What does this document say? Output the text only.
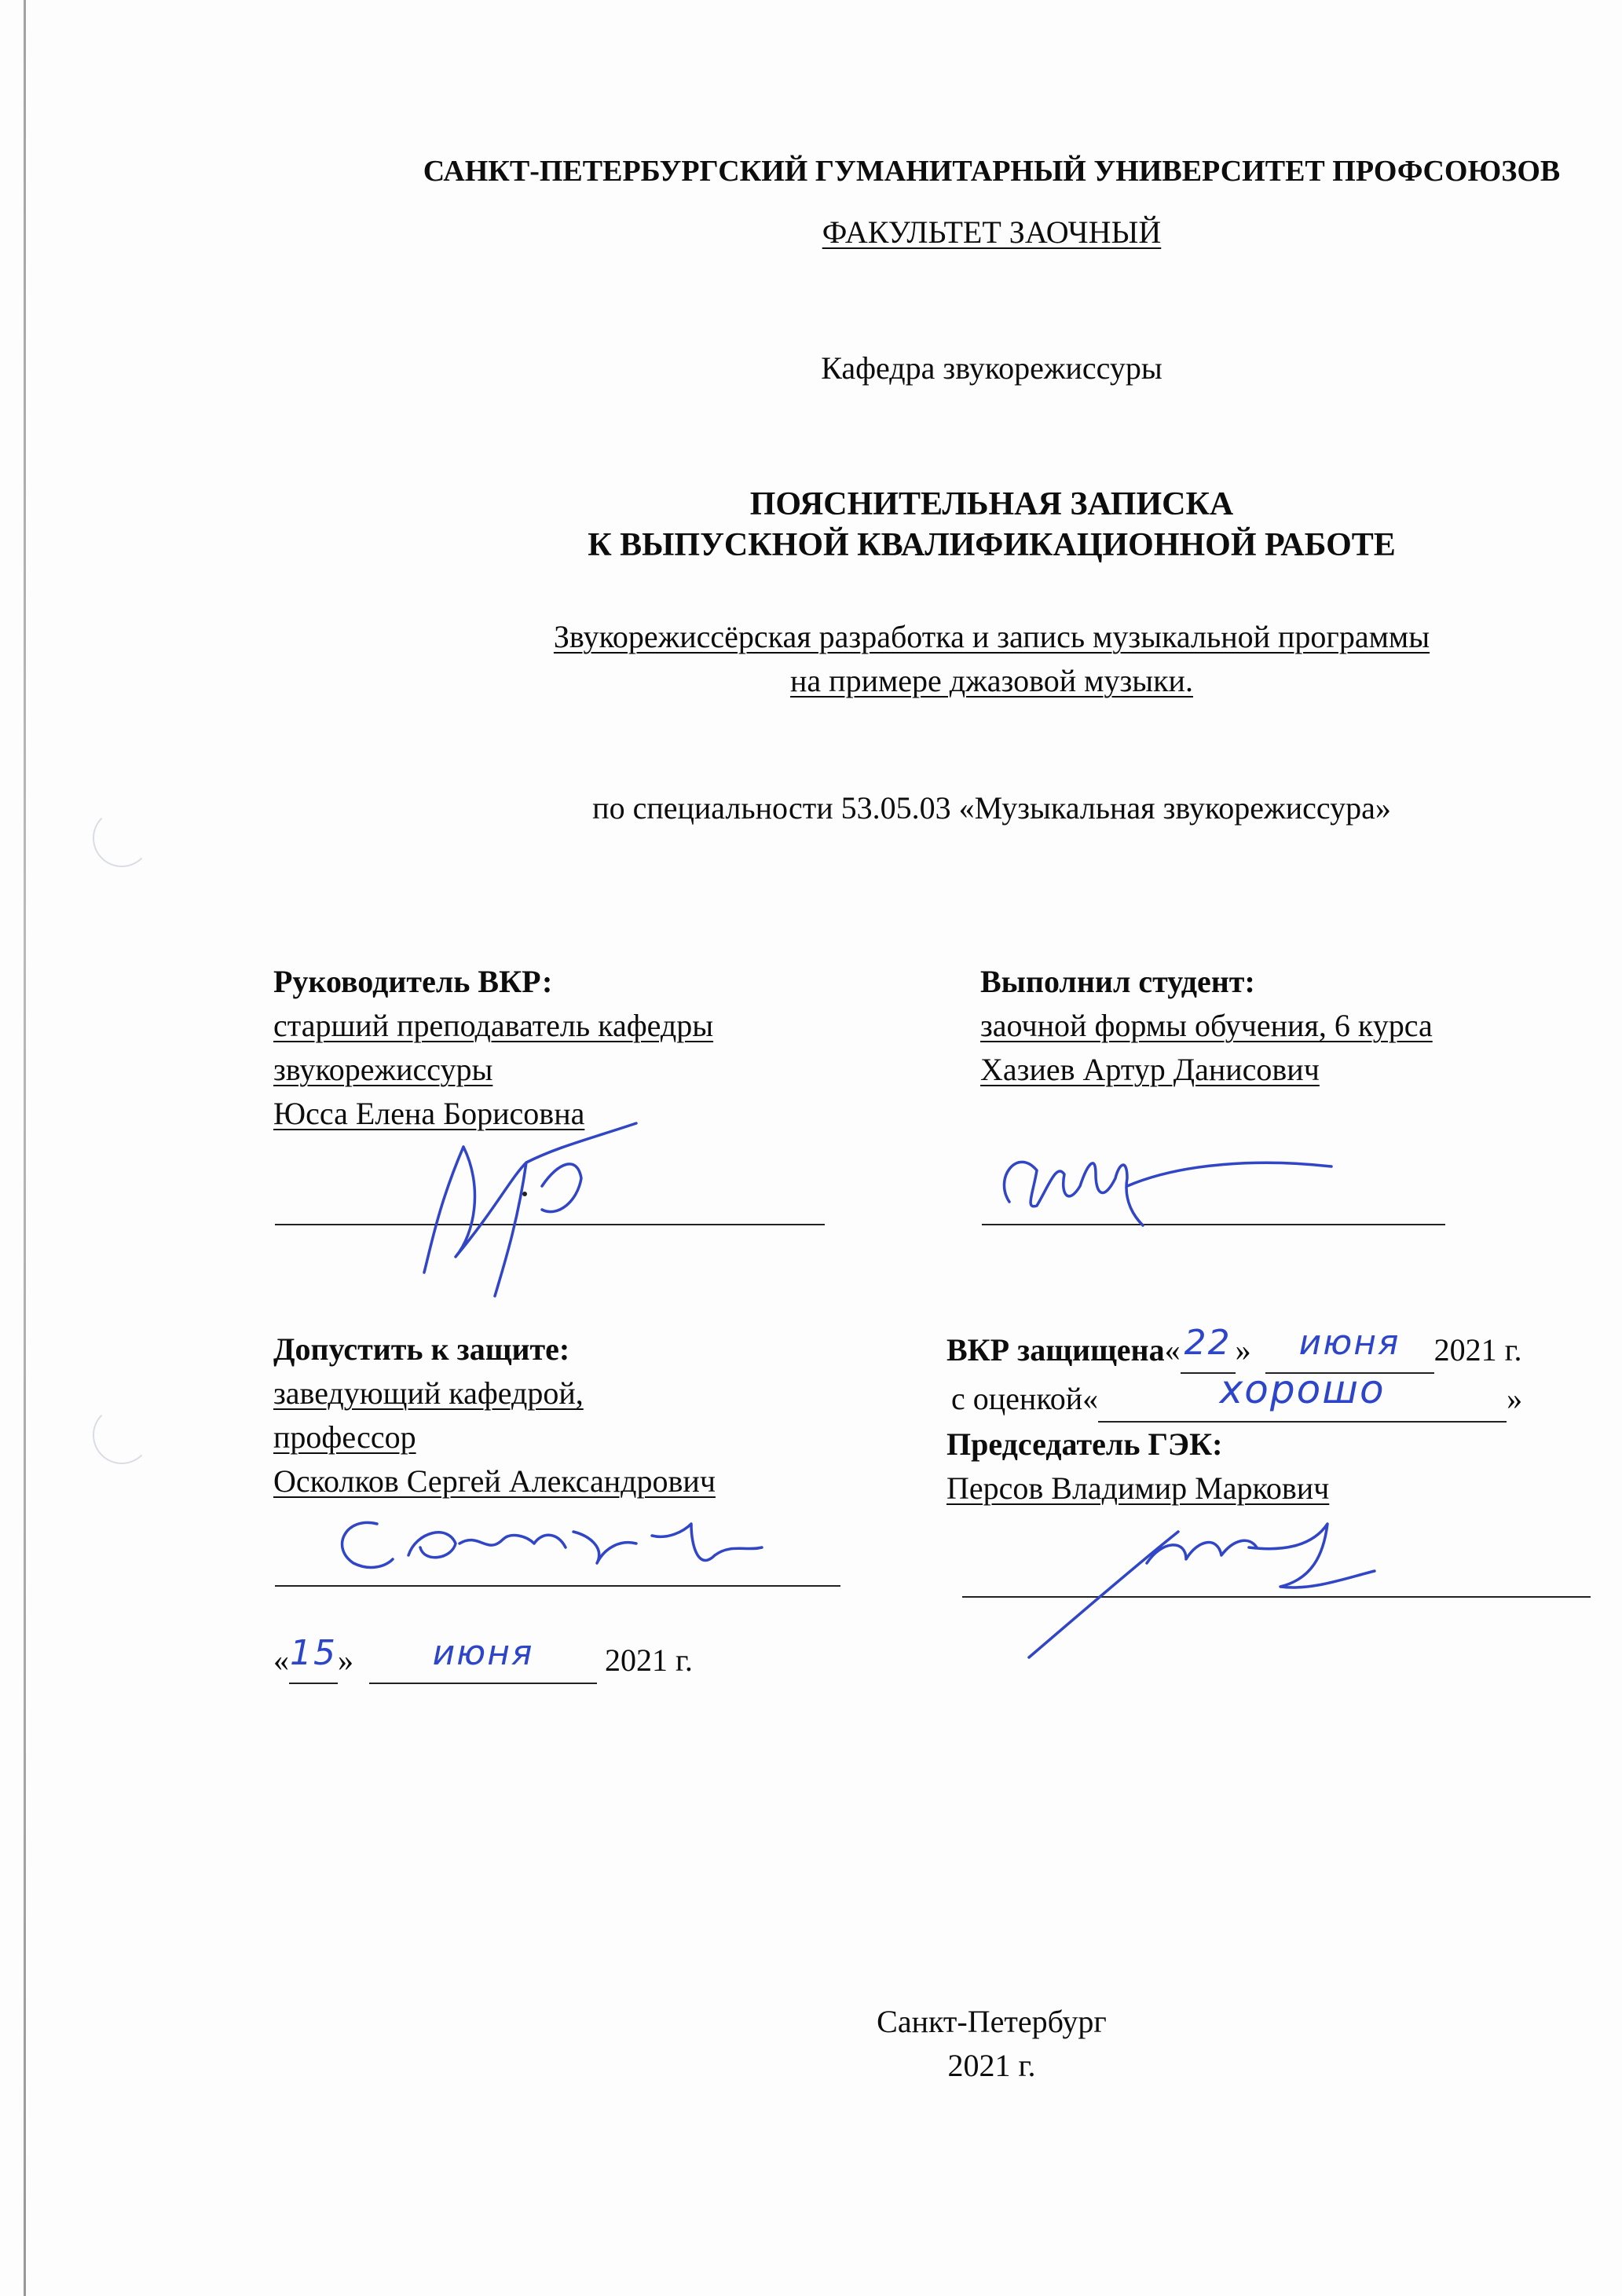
САНКТ-ПЕТЕРБУРГСКИЙ ГУМАНИТАРНЫЙ УНИВЕРСИТЕТ ПРОФСОЮЗОВ
ФАКУЛЬТЕТ ЗАОЧНЫЙ
Кафедра звукорежиссуры
ПОЯСНИТЕЛЬНАЯ ЗАПИСКА
К ВЫПУСКНОЙ КВАЛИФИКАЦИОННОЙ РАБОТЕ
Звукорежиссёрская разработка и запись музыкальной программы
на примере джазовой музыки.
по специальности 53.05.03 «Музыкальная звукорежиссура»
Руководитель ВКР:
старший преподаватель кафедры
звукорежиссуры
Юсса Елена Борисовна
Выполнил студент:
заочной формы обучения, 6 курса
Хазиев Артур Данисович
Допустить к защите:
заведующий кафедрой,
профессор
Осколков Сергей Александрович
«15» июня 2021 г.
ВКР защищена« 22 » июня 2021 г.
с оценкой«	хорошо	»
Председатель ГЭК:
Персов Владимир Маркович
Санкт-Петербург
2021 г.
